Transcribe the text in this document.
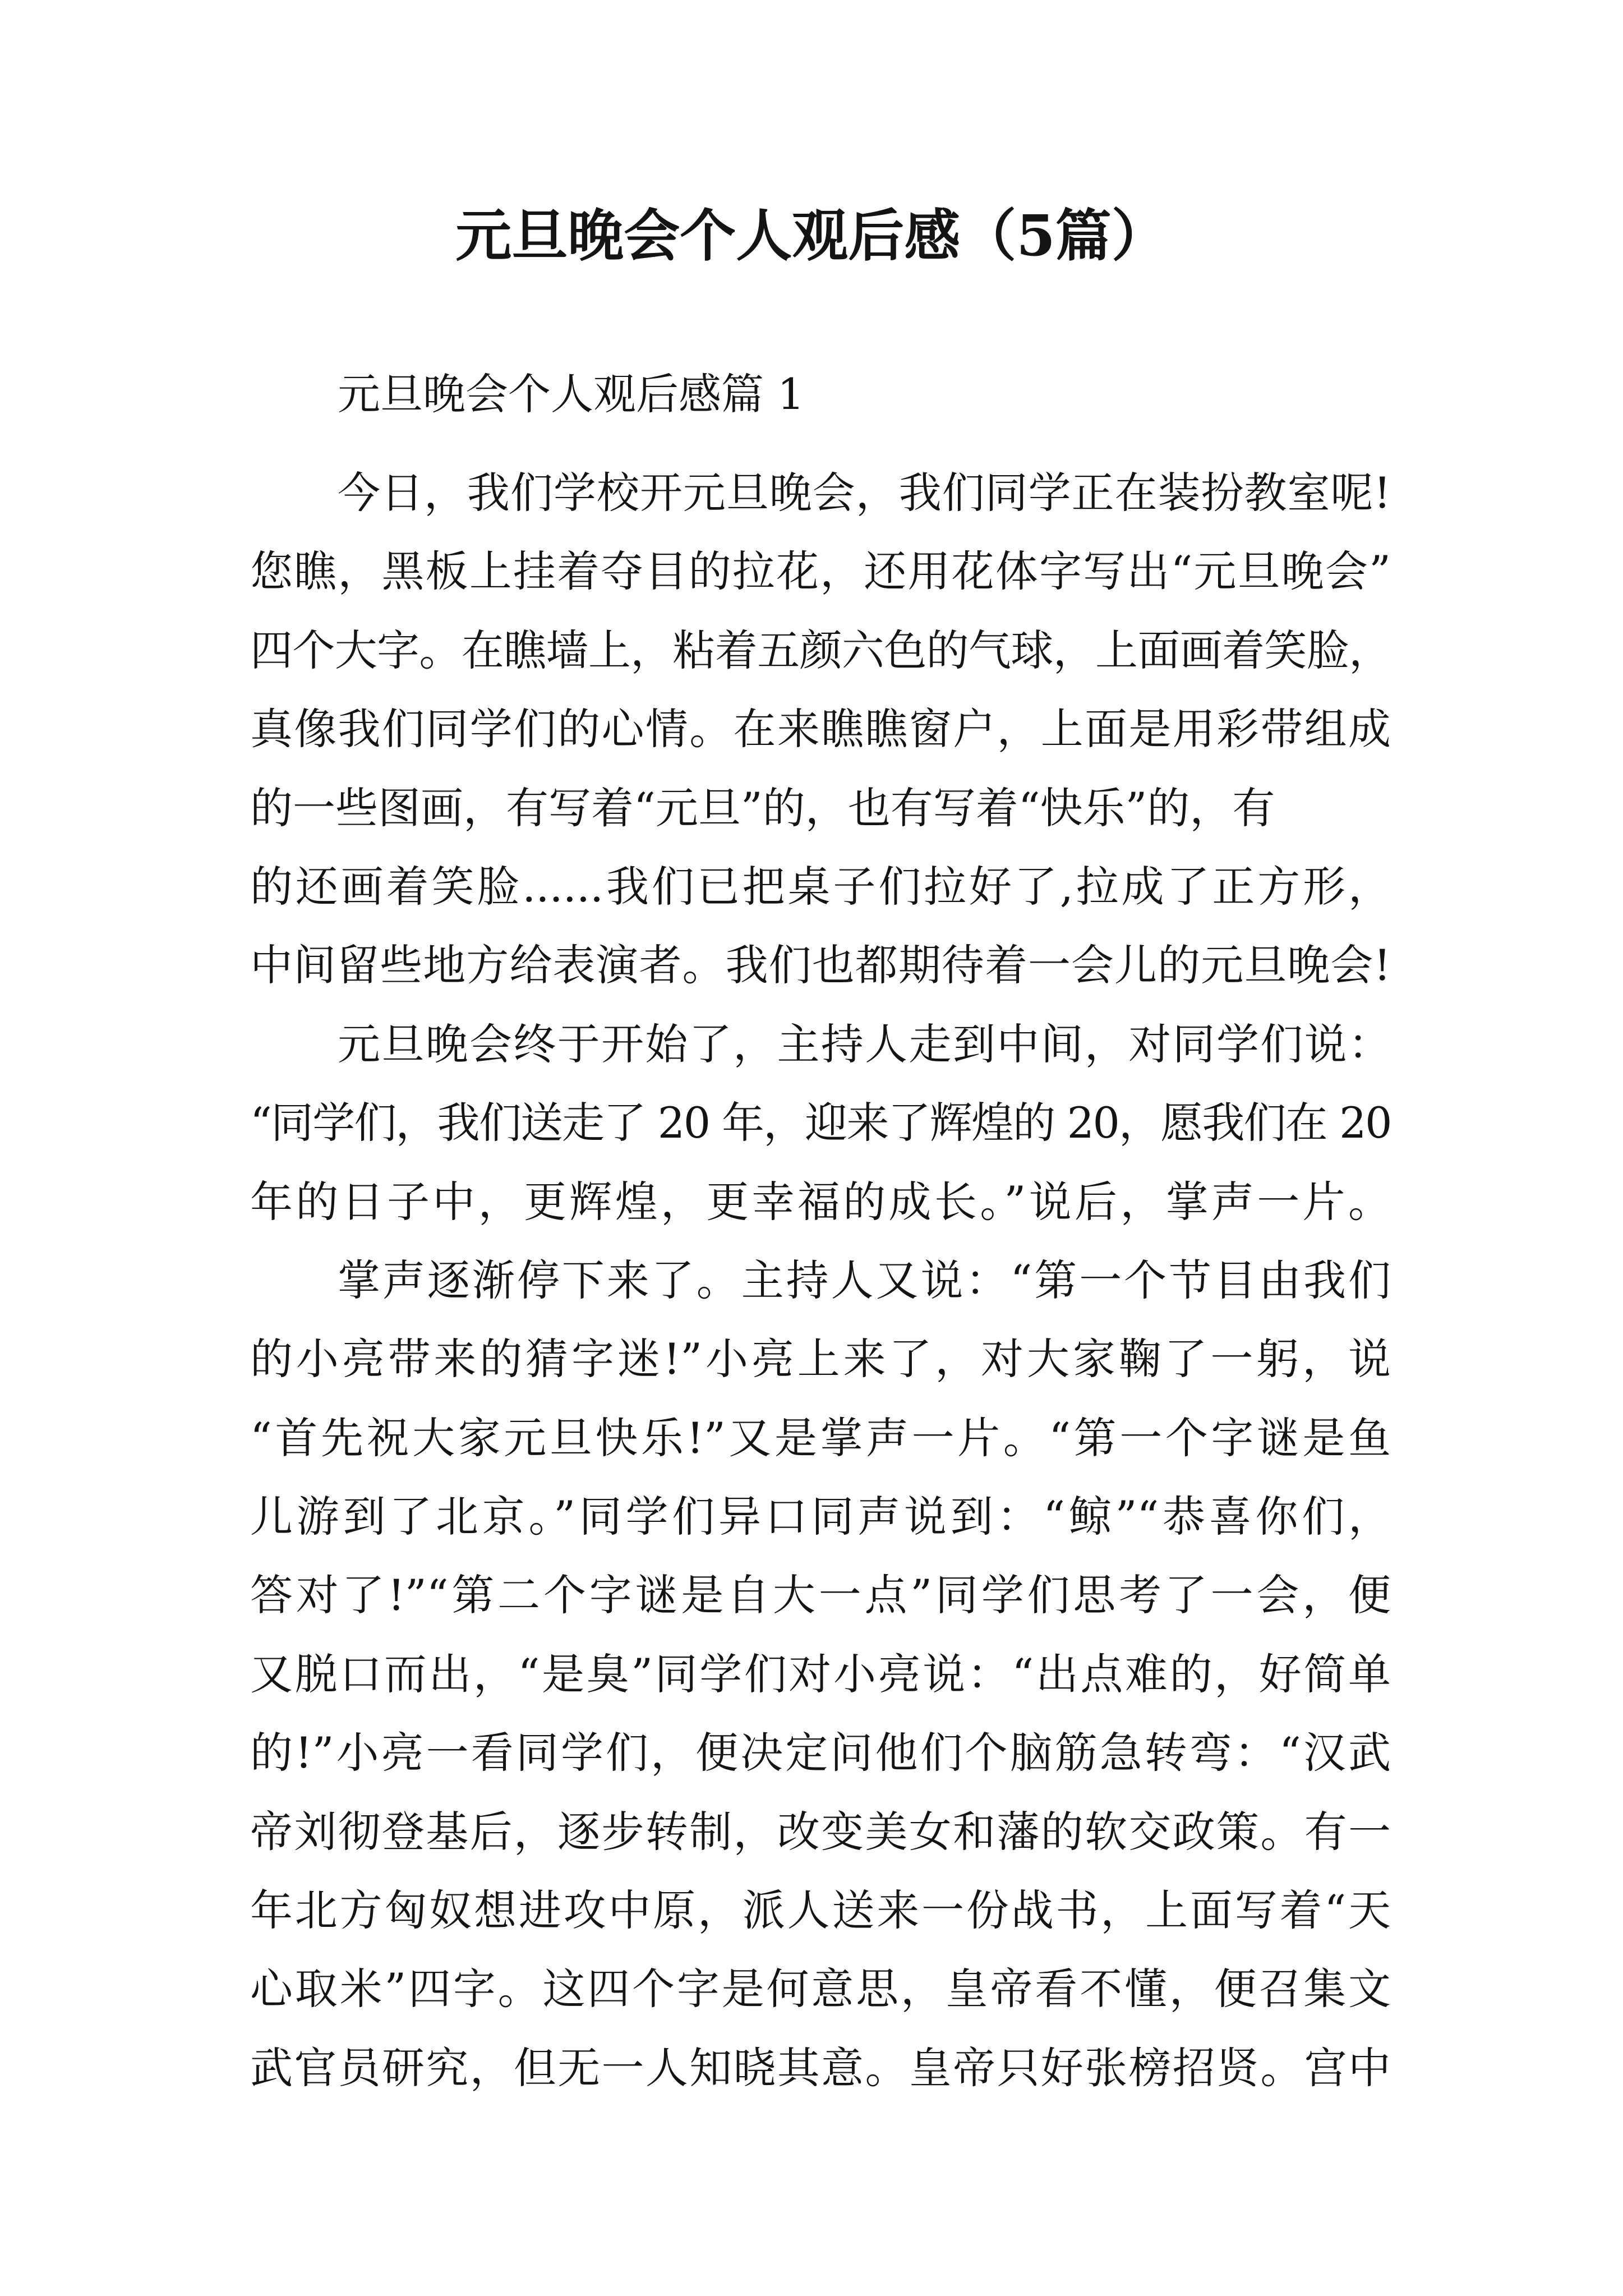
元旦晚会个人观后感（5篇）
元旦晚会个人观后感篇 1
今日，我们学校开元旦晚会，我们同学正在装扮教室呢!
您瞧，黑板上挂着夺目的拉花，还用花体字写出“元旦晚会”
四个大字。在瞧墙上，粘着五颜六色的气球，上面画着笑脸，
真像我们同学们的心情。在来瞧瞧窗户，上面是用彩带组成
的一些图画，有写着“元旦”的，也有写着“快乐”的，有
的还画着笑脸......我们已把桌子们拉好了,拉成了正方形，
中间留些地方给表演者。我们也都期待着一会儿的元旦晚会!
元旦晚会终于开始了，主持人走到中间，对同学们说：
“同学们，我们送走了 20 年，迎来了辉煌的 20，愿我们在 20
年的日子中，更辉煌，更幸福的成长。”说后，掌声一片。
掌声逐渐停下来了。主持人又说：“第一个节目由我们
的小亮带来的猜字迷!”小亮上来了，对大家鞠了一躬，说
“首先祝大家元旦快乐!”又是掌声一片。“第一个字谜是鱼
儿游到了北京。”同学们异口同声说到：“鲸”“恭喜你们，
答对了!”“第二个字谜是自大一点”同学们思考了一会，便
又脱口而出，“是臭”同学们对小亮说：“出点难的，好简单
的!”小亮一看同学们，便决定问他们个脑筋急转弯：“汉武
帝刘彻登基后，逐步转制，改变美女和藩的软交政策。有一
年北方匈奴想进攻中原，派人送来一份战书，上面写着“天
心取米”四字。这四个字是何意思，皇帝看不懂，便召集文
武官员研究，但无一人知晓其意。皇帝只好张榜招贤。宫中
